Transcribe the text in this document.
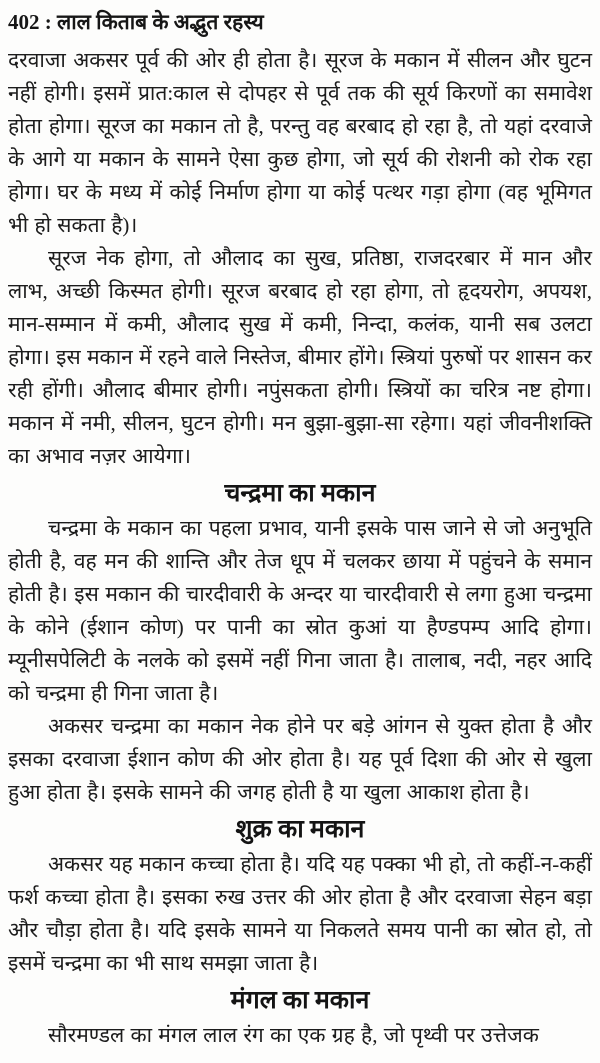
402 : लाल किताब के अद्भुत रहस्य

दरवाजा अकसर पूर्व की ओर ही होता है। सूरज के मकान में सीलन और घुटन नहीं होगी। इसमें प्रात:काल से दोपहर से पूर्व तक की सूर्य किरणों का समावेश होता होगा। सूरज का मकान तो है, परन्तु वह बरबाद हो रहा है, तो यहां दरवाजे के आगे या मकान के सामने ऐसा कुछ होगा, जो सूर्य की रोशनी को रोक रहा होगा। घर के मध्य में कोई निर्माण होगा या कोई पत्थर गड़ा होगा (वह भूमिगत भी हो सकता है)।

सूरज नेक होगा, तो औलाद का सुख, प्रतिष्ठा, राजदरबार में मान और लाभ, अच्छी किस्मत होगी। सूरज बरबाद हो रहा होगा, तो हृदयरोग, अपयश, मान-सम्मान में कमी, औलाद सुख में कमी, निन्दा, कलंक, यानी सब उलटा होगा। इस मकान में रहने वाले निस्तेज, बीमार होंगे। स्त्रियां पुरुषों पर शासन कर रही होंगी। औलाद बीमार होगी। नपुंसकता होगी। स्त्रियों का चरित्र नष्ट होगा। मकान में नमी, सीलन, घुटन होगी। मन बुझा-बुझा-सा रहेगा। यहां जीवनीशक्ति का अभाव नज़र आयेगा।

चन्द्रमा का मकान

चन्द्रमा के मकान का पहला प्रभाव, यानी इसके पास जाने से जो अनुभूति होती है, वह मन की शान्ति और तेज धूप में चलकर छाया में पहुंचने के समान होती है। इस मकान की चारदीवारी के अन्दर या चारदीवारी से लगा हुआ चन्द्रमा के कोने (ईशान कोण) पर पानी का स्रोत कुआं या हैण्डपम्प आदि होगा। म्यूनीसपेलिटी के नलके को इसमें नहीं गिना जाता है। तालाब, नदी, नहर आदि को चन्द्रमा ही गिना जाता है।

अकसर चन्द्रमा का मकान नेक होने पर बड़े आंगन से युक्त होता है और इसका दरवाजा ईशान कोण की ओर होता है। यह पूर्व दिशा की ओर से खुला हुआ होता है। इसके सामने की जगह होती है या खुला आकाश होता है।

शुक्र का मकान

अकसर यह मकान कच्चा होता है। यदि यह पक्का भी हो, तो कहीं-न-कहीं फर्श कच्चा होता है। इसका रुख उत्तर की ओर होता है और दरवाजा सेहन बड़ा और चौड़ा होता है। यदि इसके सामने या निकलते समय पानी का स्रोत हो, तो इसमें चन्द्रमा का भी साथ समझा जाता है।

मंगल का मकान

सौरमण्डल का मंगल लाल रंग का एक ग्रह है, जो पृथ्वी पर उत्तेजक
